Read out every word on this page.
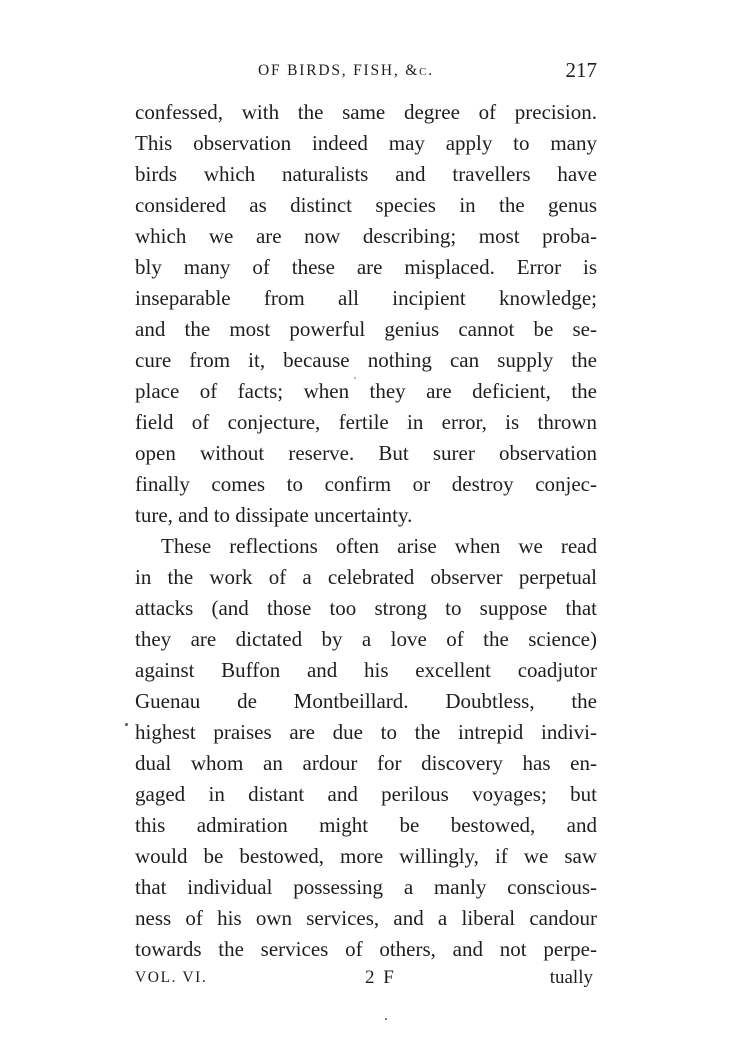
OF BIRDS, FISH, &c.	217
confessed, with the same degree of precision.
This observation indeed may apply to many
birds which naturalists and travellers have
considered as distinct species in the genus
which we are now describing; most proba-
bly many of these are misplaced. Error is
inseparable from all incipient knowledge;
and the most powerful genius cannot be se-
cure from it, because nothing can supply the
place of facts; when they are deficient, the
field of conjecture, fertile in error, is thrown
open without reserve. But surer observation
finally comes to confirm or destroy conjec-
ture, and to dissipate uncertainty.
These reflections often arise when we read
in the work of a celebrated observer perpetual
attacks (and those too strong to suppose that
they are dictated by a love of the science)
against Buffon and his excellent coadjutor
Guenau de Montbeillard. Doubtless, the
highest praises are due to the intrepid indivi-
dual whom an ardour for discovery has en-
gaged in distant and perilous voyages; but
this admiration might be bestowed, and
would be bestowed, more willingly, if we saw
that individual possessing a manly conscious-
ness of his own services, and a liberal candour
towards the services of others, and not perpe-
VOL. VI.	2 F	tually
